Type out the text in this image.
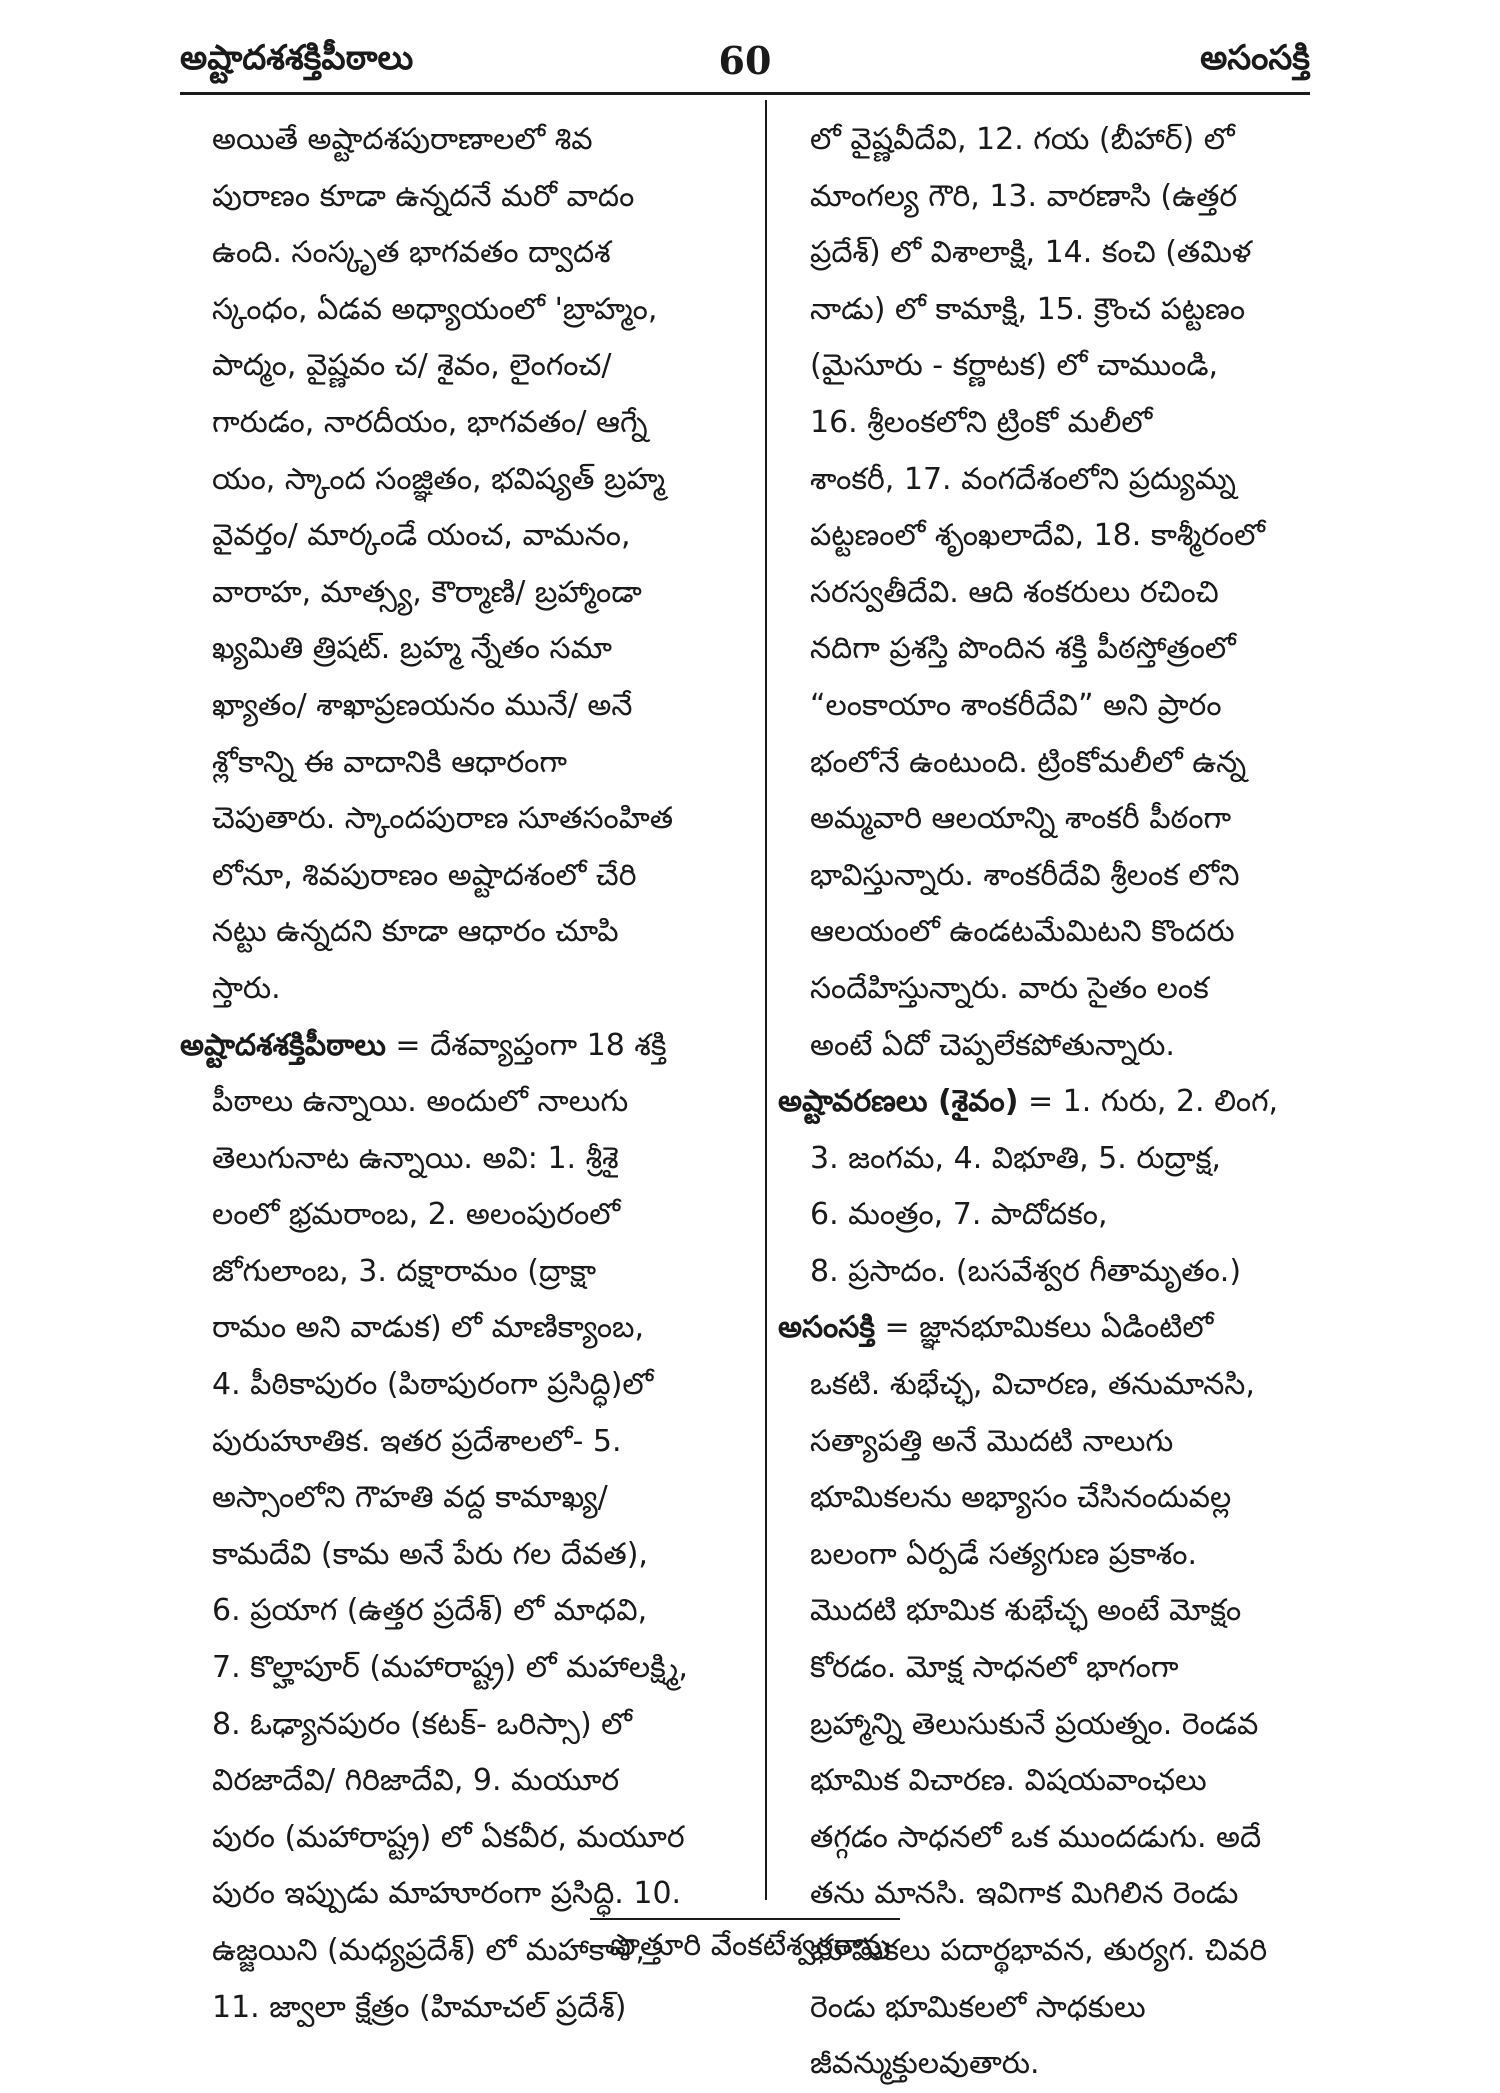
అష్టాదశశక్తిపీఠాలు	60	అసంసక్తి
అయితే అష్టాదశపురాణాలలో శివ
పురాణం కూడా ఉన్నదనే మరో వాదం
ఉంది. సంస్కృత భాగవతం ద్వాదశ
స్కంధం, ఏడవ అధ్యాయంలో 'బ్రాహ్మం,
పాద్మం, వైష్ణవం చ/ శైవం, లైంగంచ/
గారుడం, నారదీయం, భాగవతం/ ఆగ్నే
యం, స్కాంద సంజ్ఞితం, భవిష్యత్ బ్రహ్మ
వైవర్తం/ మార్కండే యంచ, వామనం,
వారాహ, మాత్స్య, కౌర్మాణి/ బ్రహ్మాండా
ఖ్యమితి త్రిషట్. బ్రహ్మ న్నేతం సమా
ఖ్యాతం/ శాఖాప్రణయనం మునే/ అనే
శ్లోకాన్ని ఈ వాదానికి ఆధారంగా
చెపుతారు. స్కాందపురాణ సూతసంహిత
లోనూ, శివపురాణం అష్టాదశంలో చేరి
నట్టు ఉన్నదని కూడా ఆధారం చూపి
స్తారు.
అష్టాదశశక్తిపీఠాలు = దేశవ్యాప్తంగా 18 శక్తి
పీఠాలు ఉన్నాయి. అందులో నాలుగు
తెలుగునాట ఉన్నాయి. అవి: 1. శ్రీశై
లంలో భ్రమరాంబ, 2. అలంపురంలో
జోగులాంబ, 3. దక్షారామం (ద్రాక్షా
రామం అని వాడుక) లో మాణిక్యాంబ,
4. పీఠికాపురం (పిఠాపురంగా ప్రసిద్ధి)లో
పురుహూతిక. ఇతర ప్రదేశాలలో- 5.
అస్సాంలోని గౌహతి వద్ద కామాఖ్య/
కామదేవి (కామ అనే పేరు గల దేవత),
6. ప్రయాగ (ఉత్తర ప్రదేశ్) లో మాధవి,
7. కొల్హాపూర్ (మహారాష్ట్ర) లో మహాలక్ష్మి,
8. ఓఢ్యానపురం (కటక్- ఒరిస్సా) లో
విరజాదేవి/ గిరిజాదేవి, 9. మయూర
పురం (మహారాష్ట్ర) లో ఏకవీర, మయూర
పురం ఇప్పుడు మాహూరంగా ప్రసిద్ధి. 10.
ఉజ్జయిని (మధ్యప్రదేశ్) లో మహాకాళి,
11. జ్వాలా క్షేత్రం (హిమాచల్ ప్రదేశ్)
లో వైష్ణవీదేవి, 12. గయ (బీహార్) లో
మాంగల్య గౌరి, 13. వారణాసి (ఉత్తర
ప్రదేశ్) లో విశాలాక్షి, 14. కంచి (తమిళ
నాడు) లో కామాక్షి, 15. క్రౌంచ పట్టణం
(మైసూరు - కర్ణాటక) లో చాముండి,
16. శ్రీలంకలోని ట్రింకో మలీలో
శాంకరీ, 17. వంగదేశంలోని ప్రద్యుమ్న
పట్టణంలో శృంఖలాదేవి, 18. కాశ్మీరంలో
సరస్వతీదేవి. ఆది శంకరులు రచించి
నదిగా ప్రశస్తి పొందిన శక్తి పీఠస్తోత్రంలో
“లంకాయాం శాంకరీదేవి” అని ప్రారం
భంలోనే ఉంటుంది. ట్రింకోమలీలో ఉన్న
అమ్మవారి ఆలయాన్ని శాంకరీ పీఠంగా
భావిస్తున్నారు. శాంకరీదేవి శ్రీలంక లోని
ఆలయంలో ఉండటమేమిటని కొందరు
సందేహిస్తున్నారు. వారు సైతం లంక
అంటే ఏదో చెప్పలేకపోతున్నారు.
అష్టావరణలు (శైవం) = 1. గురు, 2. లింగ,
3. జంగమ, 4. విభూతి, 5. రుద్రాక్ష,
6. మంత్రం, 7. పాదోదకం,
8. ప్రసాదం. (బసవేశ్వర గీతామృతం.)
అసంసక్తి = జ్ఞానభూమికలు ఏడింటిలో
ఒకటి. శుభేచ్ఛ, విచారణ, తనుమానసి,
సత్యాపత్తి అనే మొదటి నాలుగు
భూమికలను అభ్యాసం చేసినందువల్ల
బలంగా ఏర్పడే సత్యగుణ ప్రకాశం.
మొదటి భూమిక శుభేచ్ఛ అంటే మోక్షం
కోరడం. మోక్ష సాధనలో భాగంగా
బ్రహ్మాన్ని తెలుసుకునే ప్రయత్నం. రెండవ
భూమిక విచారణ. విషయవాంఛలు
తగ్గడం సాధనలో ఒక ముందడుగు. అదే
తను మానసి. ఇవిగాక మిగిలిన రెండు
భూమికలు పదార్థభావన, తుర్యగ. చివరి
రెండు భూమికలలో సాధకులు
జీవన్ముక్తులవుతారు.
పొత్తూరి వేంకటేశ్వరరావు
